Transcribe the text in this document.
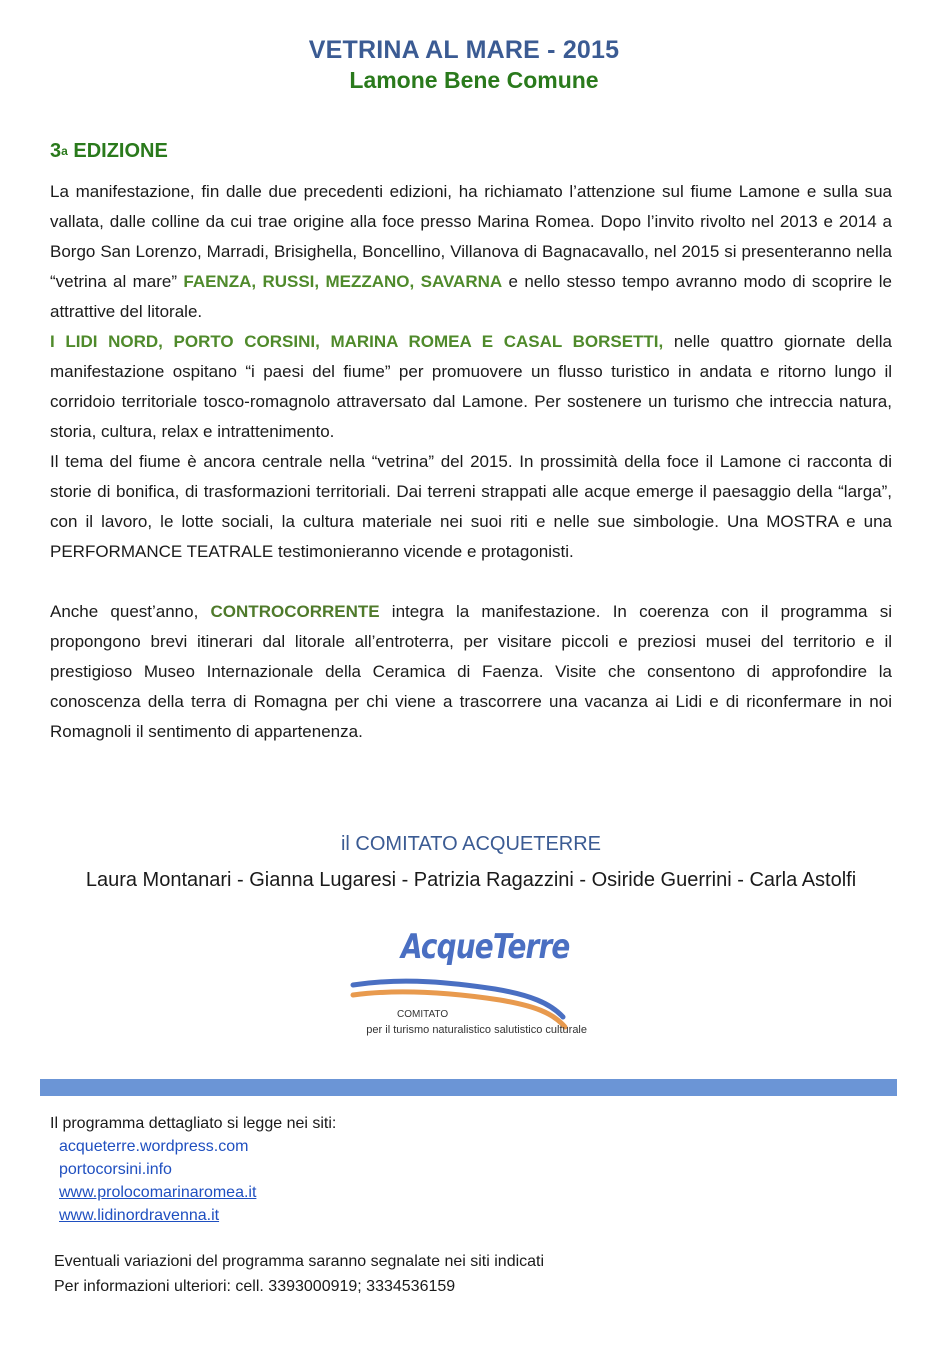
VETRINA AL MARE - 2015
Lamone Bene Comune
3$^a$ EDIZIONE

La manifestazione, fin dalle due precedenti edizioni, ha richiamato l’attenzione sul fiume Lamone e sulla sua vallata, dalle colline da cui trae origine alla foce presso Marina Romea. Dopo l’invito rivolto nel 2013 e 2014 a Borgo San Lorenzo, Marradi, Brisighella, Boncellino, Villanova di Bagnacavallo, nel 2015 si presenteranno nella “vetrina al mare” FAENZA, RUSSI, MEZZANO, SAVARNA e nello stesso tempo avranno modo di scoprire le attrattive del litorale.

I LIDI NORD, PORTO CORSINI, MARINA ROMEA E CASAL BORSETTI, nelle quattro giornate della manifestazione ospitano “i paesi del fiume” per promuovere un flusso turistico in andata e ritorno lungo il corridoio territoriale tosco-romagnolo attraversato dal Lamone. Per sostenere un turismo che intreccia natura, storia, cultura, relax e intrattenimento.

Il tema del fiume è ancora centrale nella “vetrina” del 2015. In prossimità della foce il Lamone ci racconta di storie di bonifica, di trasformazioni territoriali. Dai terreni strappati alle acque emerge il paesaggio della “larga”, con il lavoro, le lotte sociali, la cultura materiale nei suoi riti e nelle sue simbologie. Una MOSTRA e una PERFORMANCE TEATRALE testimonieranno vicende e protagonisti.

Anche quest’anno, CONTROCORRENTE integra la manifestazione. In coerenza con il programma si propongono brevi itinerari dal litorale all’entroterra, per visitare piccoli e preziosi musei del territorio e il prestigioso Museo Internazionale della Ceramica di Faenza. Visite che consentono di approfondire la conoscenza della terra di Romagna per chi viene a trascorrere una vacanza ai Lidi e di riconfermare in noi Romagnoli il sentimento di appartenenza.

il COMITATO ACQUETERRE
Laura Montanari - Gianna Lugaresi - Patrizia Ragazzini - Osiride Guerrini - Carla Astolfi
AcqueTerre
COMITATO
per il turismo naturalistico salutistico culturale
Il programma dettagliato si legge nei siti:
acqueterre.wordpress.com
portocorsini.info
www.prolocomarinaromea.it
www.lidinordravenna.it
Eventuali variazioni del programma saranno segnalate nei siti indicati
Per informazioni ulteriori: cell. 3393000919; 3334536159
